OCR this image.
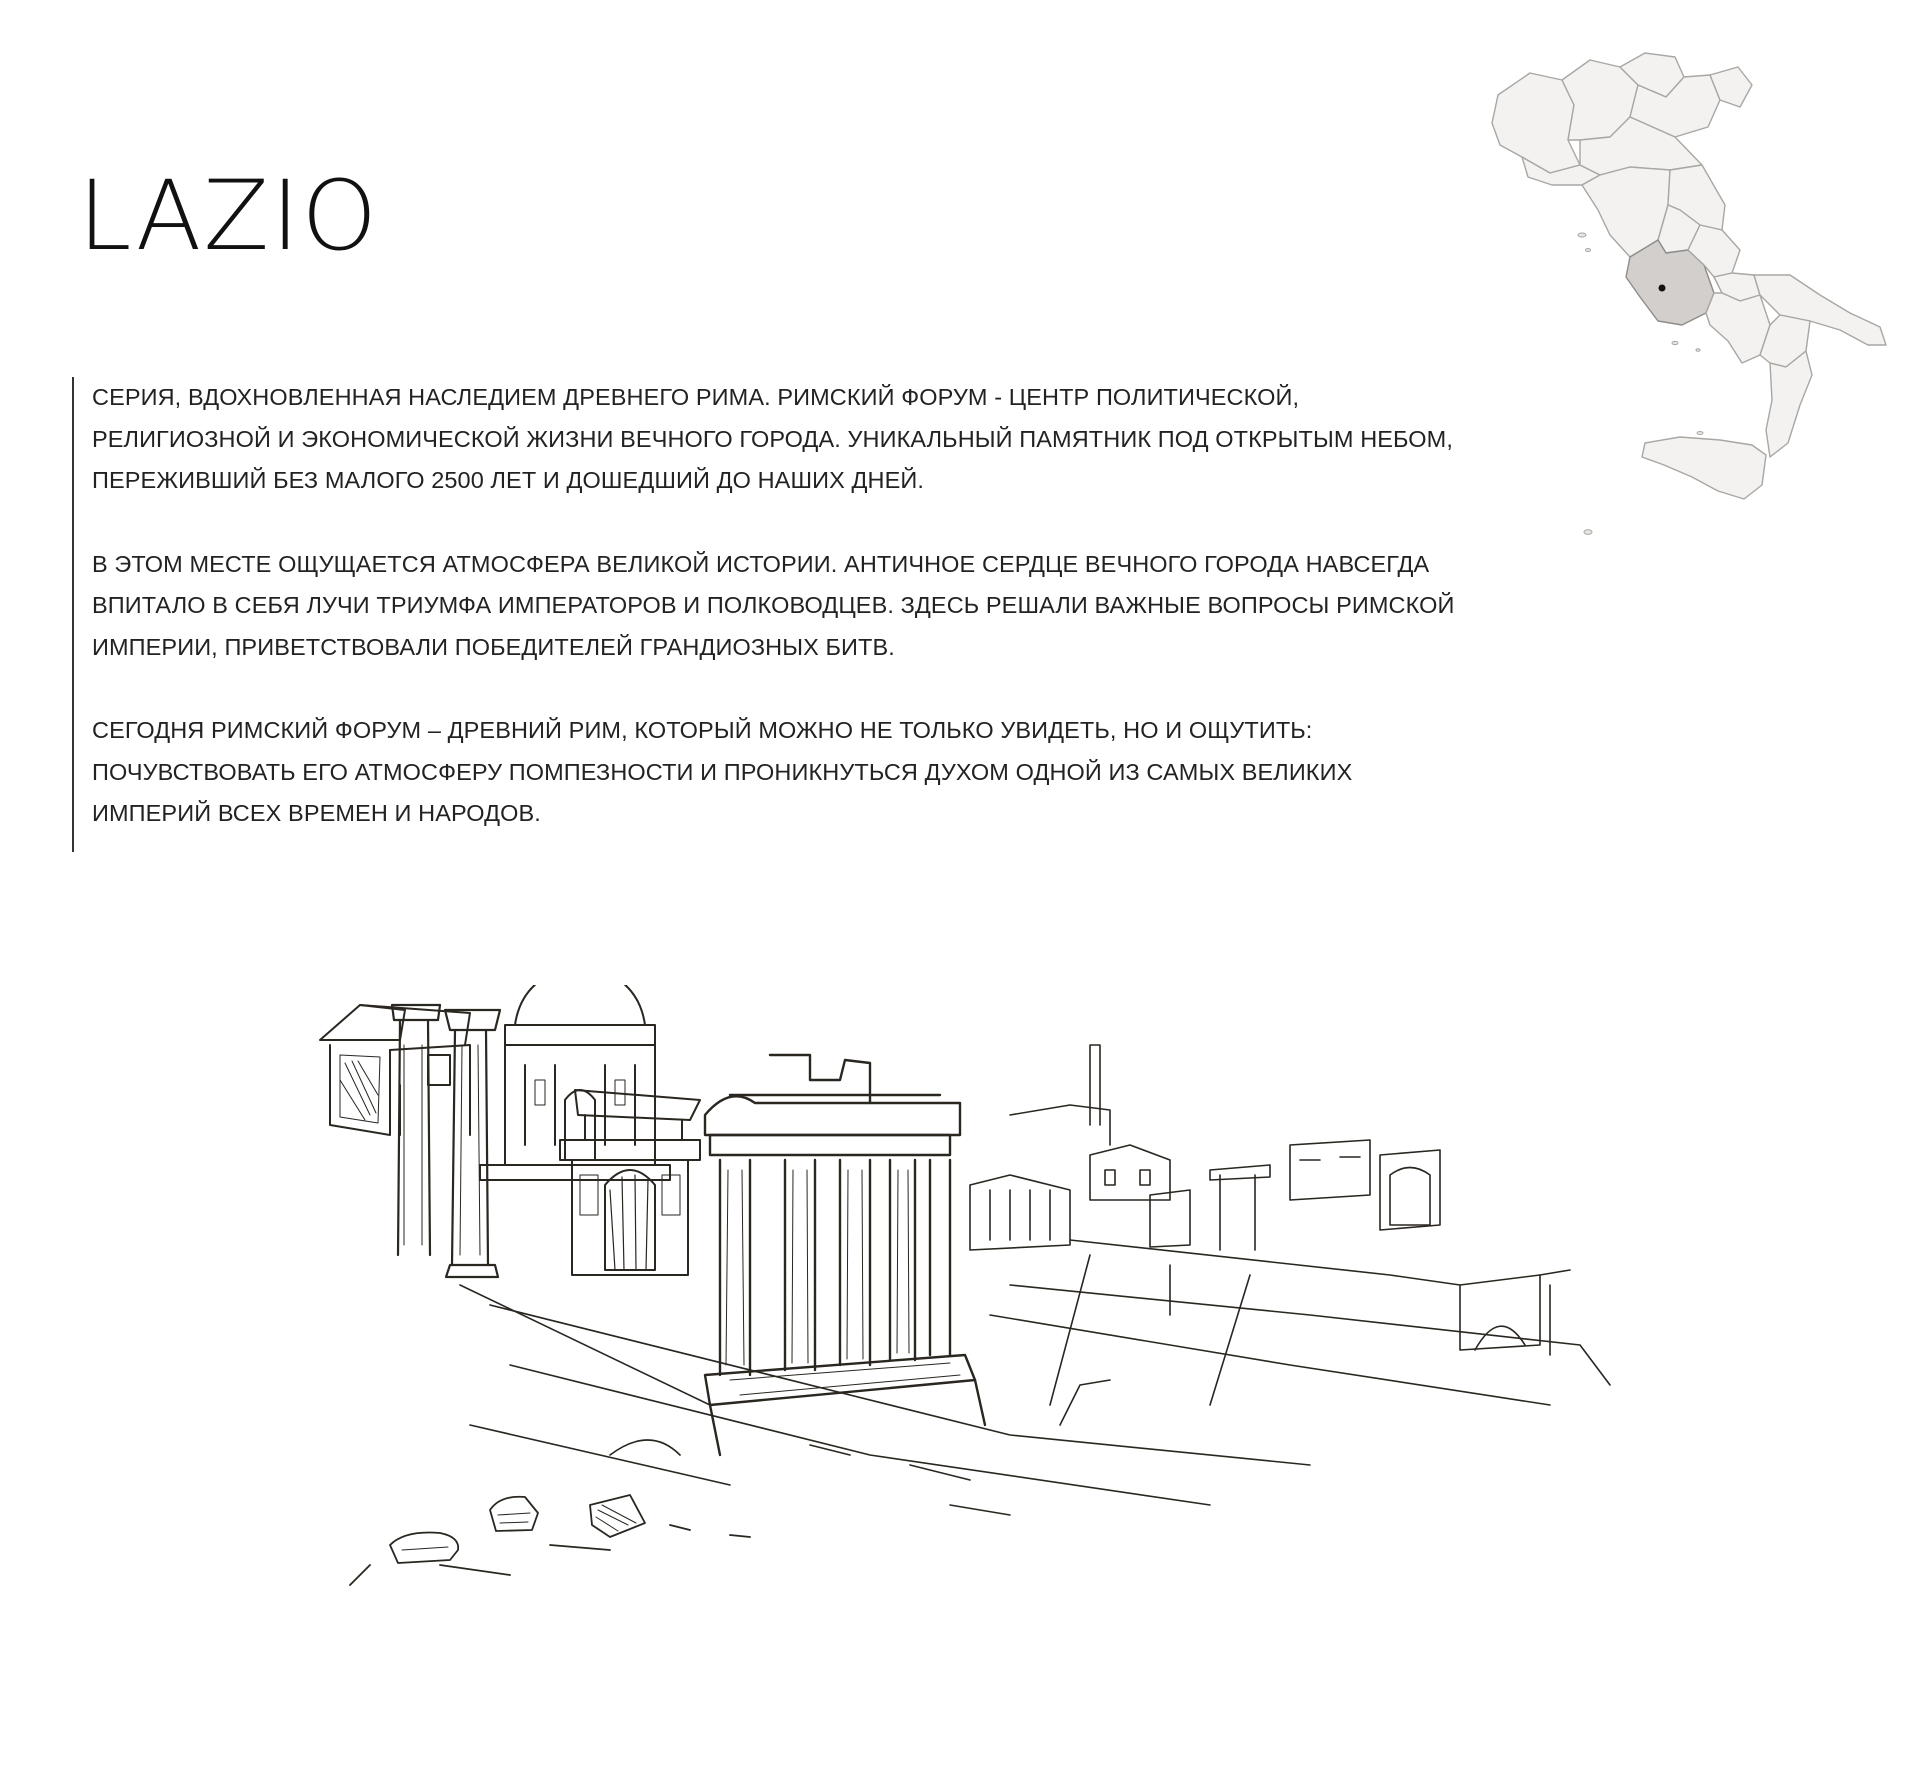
LAZIO

СЕРИЯ, ВДОХНОВЛЕННАЯ НАСЛЕДИЕМ ДРЕВНЕГО РИМА. РИМСКИЙ ФОРУМ - ЦЕНТР ПОЛИТИЧЕСКОЙ, РЕЛИГИОЗНОЙ И ЭКОНОМИЧЕСКОЙ ЖИЗНИ ВЕЧНОГО ГОРОДА. УНИКАЛЬНЫЙ ПАМЯТНИК ПОД ОТКРЫТЫМ НЕБОМ, ПЕРЕЖИВШИЙ БЕЗ МАЛОГО 2500 ЛЕТ И ДОШЕДШИЙ ДО НАШИХ ДНЕЙ.

В ЭТОМ МЕСТЕ ОЩУЩАЕТСЯ АТМОСФЕРА ВЕЛИКОЙ ИСТОРИИ. АНТИЧНОЕ СЕРДЦЕ ВЕЧНОГО ГОРОДА НАВСЕГДА ВПИТАЛО В СЕБЯ ЛУЧИ ТРИУМФА ИМПЕРАТОРОВ И ПОЛКОВОДЦЕВ. ЗДЕСЬ РЕШАЛИ ВАЖНЫЕ ВОПРОСЫ РИМСКОЙ ИМПЕРИИ, ПРИВЕТСТВОВАЛИ ПОБЕДИТЕЛЕЙ ГРАНДИОЗНЫХ БИТВ.

СЕГОДНЯ РИМСКИЙ ФОРУМ – ДРЕВНИЙ РИМ, КОТОРЫЙ МОЖНО НЕ ТОЛЬКО УВИДЕТЬ, НО И ОЩУТИТЬ: ПОЧУВСТВОВАТЬ ЕГО АТМОСФЕРУ ПОМПЕЗНОСТИ И ПРОНИКНУТЬСЯ ДУХОМ ОДНОЙ ИЗ САМЫХ ВЕЛИКИХ ИМПЕРИЙ ВСЕХ ВРЕМЕН И НАРОДОВ.
